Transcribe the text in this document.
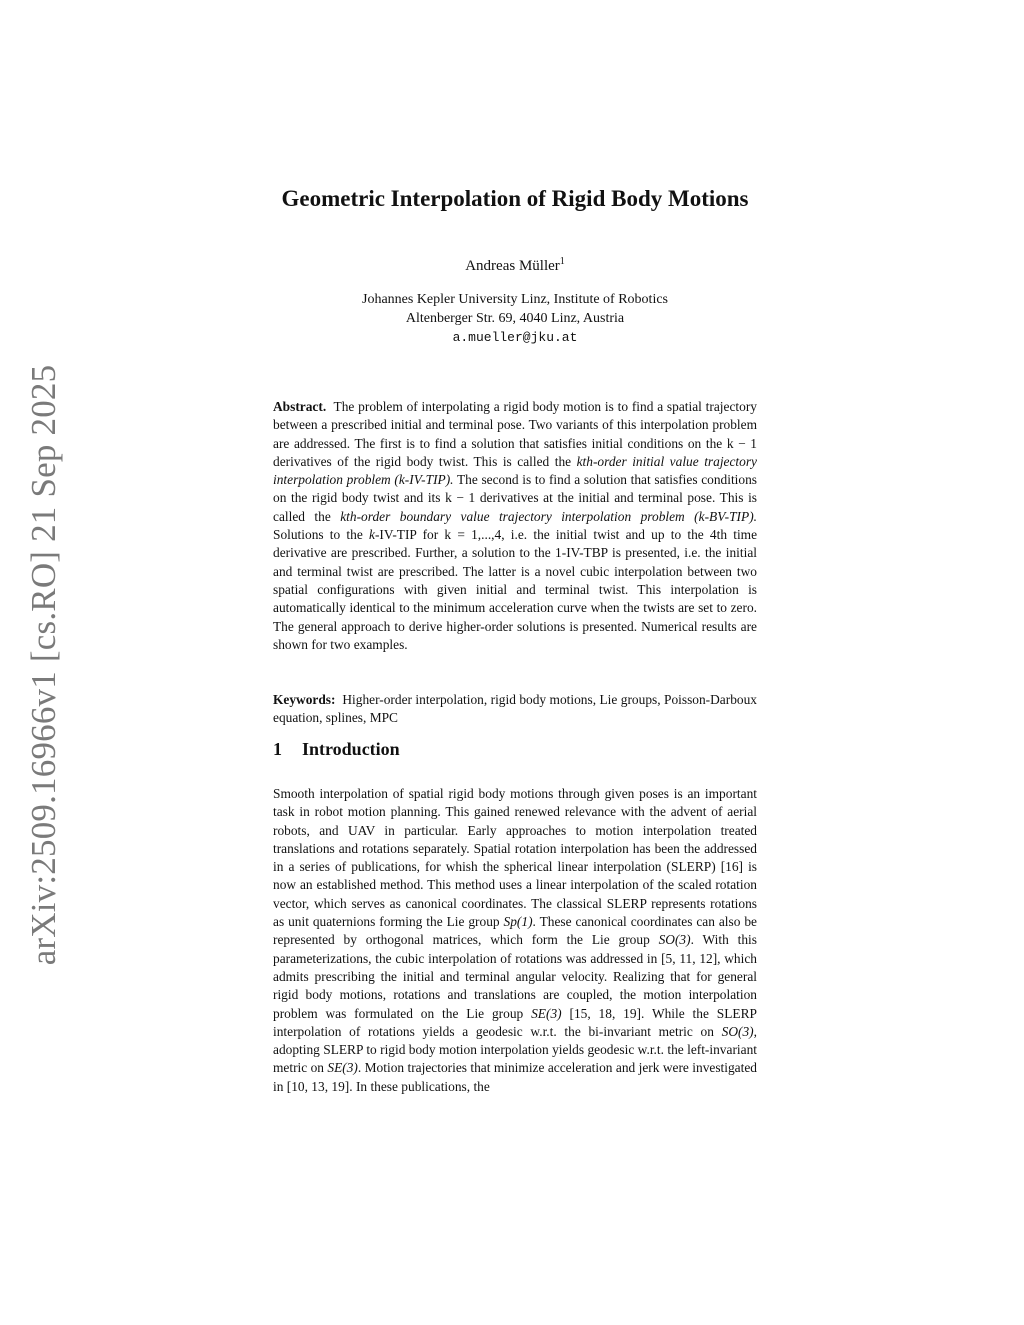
arXiv:2509.16966v1 [cs.RO] 21 Sep 2025
Geometric Interpolation of Rigid Body Motions

Andreas Müller$^1$

Johannes Kepler University Linz, Institute of Robotics
Altenberger Str. 69, 4040 Linz, Austria
a.mueller@jku.at

Abstract. The problem of interpolating a rigid body motion is to find a spatial trajectory between a prescribed initial and terminal pose. Two variants of this interpolation problem are addressed. The first is to find a solution that satisfies initial conditions on the k − 1 derivatives of the rigid body twist. This is called the kth-order initial value trajectory interpolation problem (k-IV-TIP). The second is to find a solution that satisfies conditions on the rigid body twist and its k − 1 derivatives at the initial and terminal pose. This is called the kth-order boundary value trajectory interpolation problem (k-BV-TIP). Solutions to the k-IV-TIP for k = 1,...,4, i.e. the initial twist and up to the 4th time derivative are prescribed. Further, a solution to the 1-IV-TBP is presented, i.e. the initial and terminal twist are prescribed. The latter is a novel cubic interpolation between two spatial configurations with given initial and terminal twist. This interpolation is automatically identical to the minimum acceleration curve when the twists are set to zero. The general approach to derive higher-order solutions is presented. Numerical results are shown for two examples.

Keywords: Higher-order interpolation, rigid body motions, Lie groups, Poisson-Darboux equation, splines, MPC

1 Introduction

Smooth interpolation of spatial rigid body motions through given poses is an important task in robot motion planning. This gained renewed relevance with the advent of aerial robots, and UAV in particular. Early approaches to motion interpolation treated translations and rotations separately. Spatial rotation interpolation has been the addressed in a series of publications, for whish the spherical linear interpolation (SLERP) [16] is now an established method. This method uses a linear interpolation of the scaled rotation vector, which serves as canonical coordinates. The classical SLERP represents rotations as unit quaternions forming the Lie group Sp(1). These canonical coordinates can also be represented by orthogonal matrices, which form the Lie group SO(3). With this parameterizations, the cubic interpolation of rotations was addressed in [5, 11, 12], which admits prescribing the initial and terminal angular velocity. Realizing that for general rigid body motions, rotations and translations are coupled, the motion interpolation problem was formulated on the Lie group SE(3) [15, 18, 19]. While the SLERP interpolation of rotations yields a geodesic w.r.t. the bi-invariant metric on SO(3), adopting SLERP to rigid body motion interpolation yields geodesic w.r.t. the left-invariant metric on SE(3). Motion trajectories that minimize acceleration and jerk were investigated in [10, 13, 19]. In these publications, the
